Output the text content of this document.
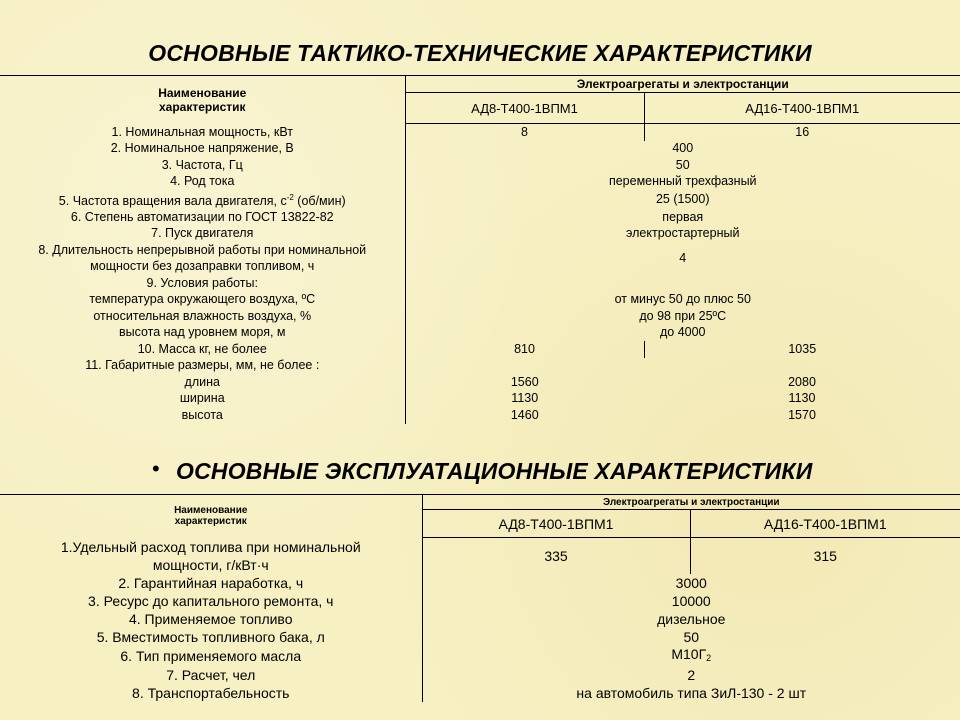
ОСНОВНЫЕ ТАКТИКО-ТЕХНИЧЕСКИЕ ХАРАКТЕРИСТИКИ
Наименование
характеристик	Электроагрегаты и электростанции	
	АД8-Т400-1ВПМ1	АД16-Т400-1ВПМ1
1. Номинальная мощность, кВт	8	16
2. Номинальное напряжение, В	400	
3. Частота, Гц	50	
4. Род тока	переменный трехфазный	
5. Частота вращения вала двигателя, $с^{-2}$ (об/мин)	25 (1500)	
6. Степень автоматизации по ГОСТ 13822-82	первая	
7. Пуск двигателя	электростартерный	
8. Длительность непрерывной работы при номинальной	4	
мощности без дозаправки топливом, ч		
9. Условия работы:		
температура окружающего воздуха, ºС	от минус 50 до плюс 50	
относительная влажность воздуха, %	до 98 при 25ºС	
высота над уровнем моря, м	до 4000	
10. Масса кг, не более	810	1035
11. Габаритные размеры, мм, не более :		
длина	1560	2080
ширина	1130	1130
высота	1460	1570
• ОСНОВНЫЕ ЭКСПЛУАТАЦИОННЫЕ ХАРАКТЕРИСТИКИ
Наименование
характеристик	Электроагрегаты и электростанции	
	АД8-Т400-1ВПМ1	АД16-Т400-1ВПМ1
1.Удельный расход топлива при номинальной	335	315
мощности, г/кВт·ч		
2. Гарантийная наработка, ч	3000	
3. Ресурс до капитального ремонта, ч	10000	
4. Применяемое топливо	дизельное	
5. Вместимость топливного бака, л	50	
6. Тип применяемого масла	$М10Г_2$
7. Расчет, чел	2	
8. Транспортабельность	на автомобиль типа ЗиЛ-130 - 2 шт	
